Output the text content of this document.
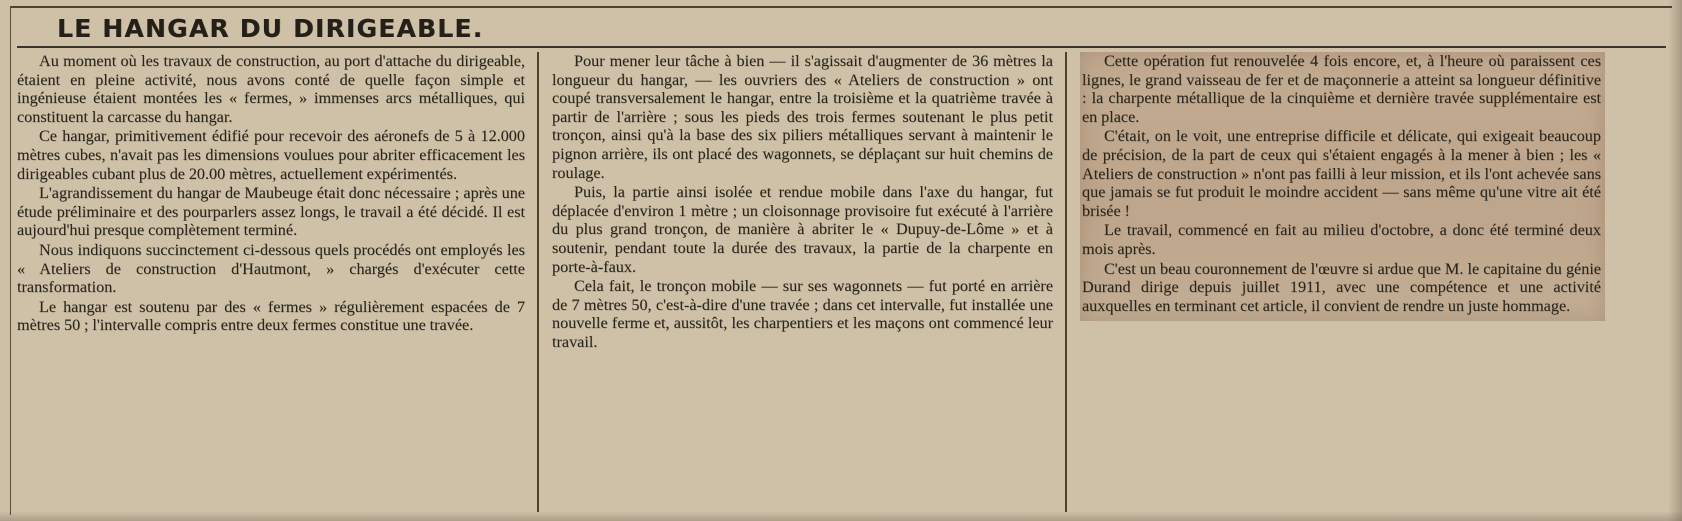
LE HANGAR DU DIRIGEABLE.

Au moment où les travaux de construction, au port d'attache du dirigeable, étaient en pleine activité, nous avons conté de quelle façon simple et ingénieuse étaient montées les « fermes, » immenses arcs métalliques, qui constituent la carcasse du hangar.

Ce hangar, primitivement édifié pour recevoir des aéronefs de 5 à 12.000 mètres cubes, n'avait pas les dimensions voulues pour abriter efficacement les dirigeables cubant plus de 20.00 mètres, actuellement expérimentés.

L'agrandissement du hangar de Maubeuge était donc nécessaire ; après une étude préliminaire et des pourparlers assez longs, le travail a été décidé. Il est aujourd'hui presque complètement terminé.

Nous indiquons succinctement ci-dessous quels procédés ont employés les « Ateliers de construction d'Hautmont, » chargés d'exécuter cette transformation.

Le hangar est soutenu par des « fermes » régulièrement espacées de 7 mètres 50 ; l'intervalle compris entre deux fermes constitue une travée.

Pour mener leur tâche à bien — il s'agissait d'augmenter de 36 mètres la longueur du hangar, — les ouvriers des « Ateliers de construction » ont coupé transversalement le hangar, entre la troisième et la quatrième travée à partir de l'arrière ; sous les pieds des trois fermes soutenant le plus petit tronçon, ainsi qu'à la base des six piliers métalliques servant à maintenir le pignon arrière, ils ont placé des wagonnets, se déplaçant sur huit chemins de roulage.

Puis, la partie ainsi isolée et rendue mobile dans l'axe du hangar, fut déplacée d'environ 1 mètre ; un cloisonnage provisoire fut exécuté à l'arrière du plus grand tronçon, de manière à abriter le « Dupuy-de-Lôme » et à soutenir, pendant toute la durée des travaux, la partie de la charpente en porte-à-faux.

Cela fait, le tronçon mobile — sur ses wagonnets — fut porté en arrière de 7 mètres 50, c'est-à-dire d'une travée ; dans cet intervalle, fut installée une nouvelle ferme et, aussitôt, les charpentiers et les maçons ont commencé leur travail.

Cette opération fut renouvelée 4 fois encore, et, à l'heure où paraissent ces lignes, le grand vaisseau de fer et de maçonnerie a atteint sa longueur définitive : la charpente métallique de la cinquième et dernière travée supplémentaire est en place.

C'était, on le voit, une entreprise difficile et délicate, qui exigeait beaucoup de précision, de la part de ceux qui s'étaient engagés à la mener à bien ; les « Ateliers de construction » n'ont pas failli à leur mission, et ils l'ont achevée sans que jamais se fut produit le moindre accident — sans même qu'une vitre ait été brisée !

Le travail, commencé en fait au milieu d'octobre, a donc été terminé deux mois après.

C'est un beau couronnement de l'œuvre si ardue que M. le capitaine du génie Durand dirige depuis juillet 1911, avec une compétence et une activité auxquelles en terminant cet article, il convient de rendre un juste hommage.
